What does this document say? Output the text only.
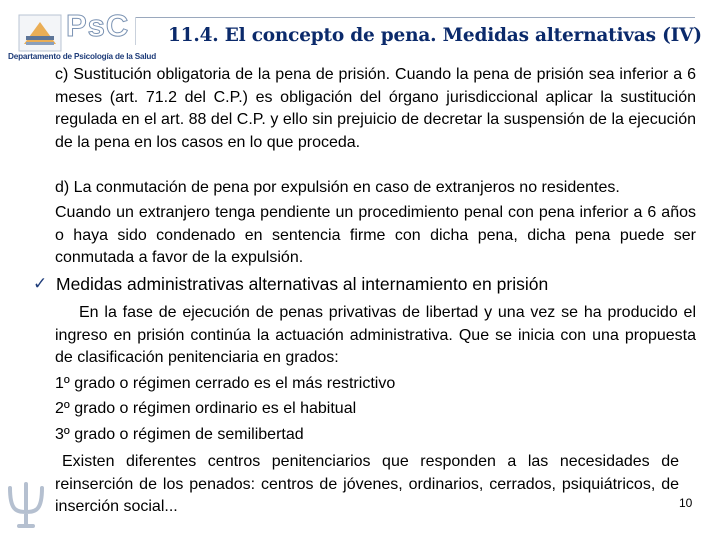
PsC
Departamento de Psicología de la Salud
11.4. El concepto de pena. Medidas alternativas (IV)
c) Sustitución obligatoria de la pena de prisión. Cuando la pena de prisión sea inferior a 6 meses (art. 71.2 del C.P.) es obligación del órgano jurisdiccional aplicar la sustitución regulada en el art. 88 del C.P. y ello sin prejuicio de decretar la suspensión de la ejecución de la pena en los casos en lo que proceda.
d) La conmutación de pena por expulsión en caso de extranjeros no residentes.
Cuando un extranjero tenga pendiente un procedimiento penal con pena inferior a 6 años o haya sido condenado en sentencia firme con dicha pena, dicha pena puede ser conmutada a favor de la expulsión.
✓ Medidas administrativas alternativas al internamiento en prisión
En la fase de ejecución de penas privativas de libertad y una vez se ha producido el ingreso en prisión continúa la actuación administrativa. Que se inicia con una propuesta de clasificación penitenciaria en grados:
1º grado o régimen cerrado es el más restrictivo
2º grado o régimen ordinario es el habitual
3º grado o régimen de semilibertad
Existen diferentes centros penitenciarios que responden a las necesidades de reinserción de los penados: centros de jóvenes, ordinarios, cerrados, psiquiátricos, de inserción social...	10
